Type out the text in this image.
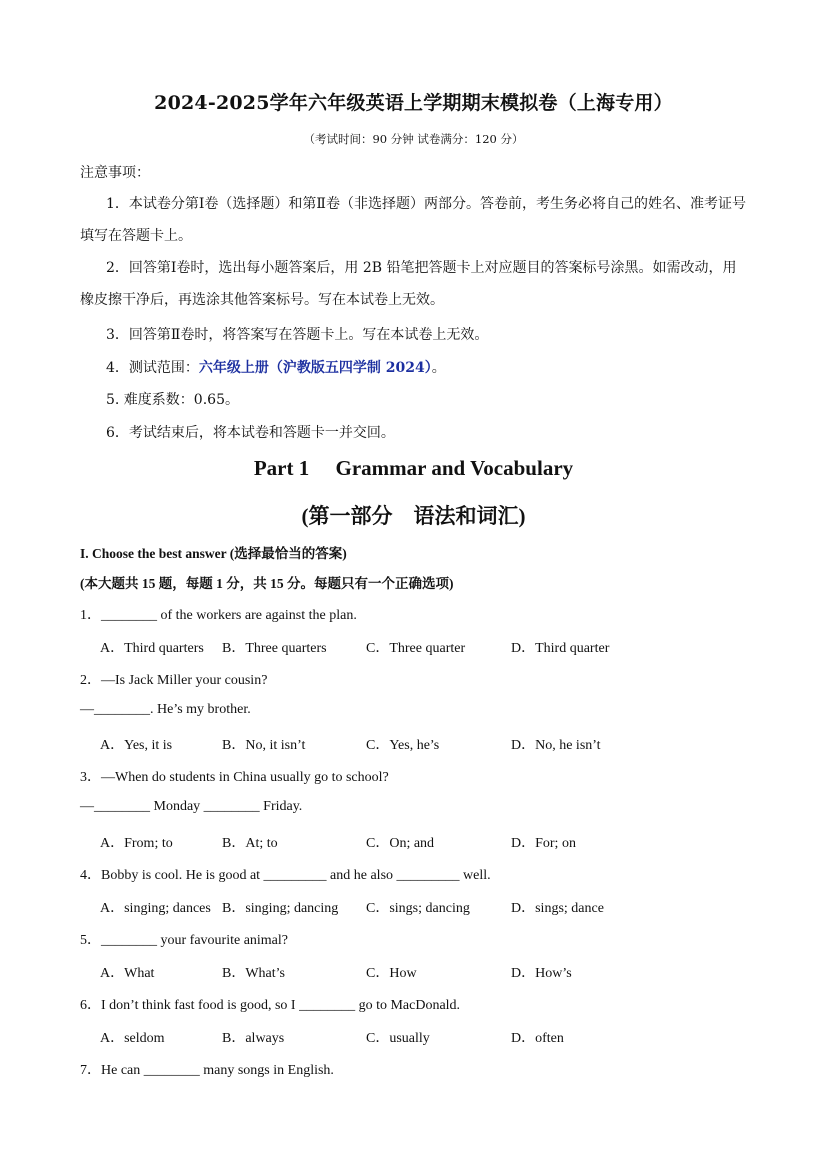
2024-2025学年六年级英语上学期期末模拟卷（上海专用）
（考试时间：90 分钟 试卷满分：120 分）
注意事项：
1．本试卷分第Ⅰ卷（选择题）和第Ⅱ卷（非选择题）两部分。答卷前，考生务必将自己的姓名、准考证号填写在答题卡上。
2．回答第Ⅰ卷时，选出每小题答案后，用 2B 铅笔把答题卡上对应题目的答案标号涂黑。如需改动，用橡皮擦干净后，再选涂其他答案标号。写在本试卷上无效。
3．回答第Ⅱ卷时，将答案写在答题卡上。写在本试卷上无效。
4．测试范围：六年级上册（沪教版五四学制 2024）。
5. 难度系数：0.65。
6．考试结束后，将本试卷和答题卡一并交回。
Part 1     Grammar and Vocabulary
(第一部分    语法和词汇)
I. Choose the best answer (选择最恰当的答案)
(本大题共 15 题，每题 1 分，共 15 分。每题只有一个正确选项)
1．________ of the workers are against the plan.
A．Third quarters B．Three quarters	C．Three quarter	D．Third quarter
2．—Is Jack Miller your cousin?
—________. He’s my brother.
A．Yes, it is	B．No, it isn’t	C．Yes, he’s	D．No, he isn’t
3．—When do students in China usually go to school?
—________ Monday ________ Friday.
A．From; to	B．At; to	C．On; and	D．For; on
4．Bobby is cool. He is good at _________ and he also _________ well.
A．singing; dances B．singing; dancing C．sings; dancing	D．sings; dance
5．________ your favourite animal?
A．What	B．What’s	C．How	D．How’s
6．I don’t think fast food is good, so I ________ go to MacDonald.
A．seldom	B．always	C．usually	D．often
7．He can ________ many songs in English.
